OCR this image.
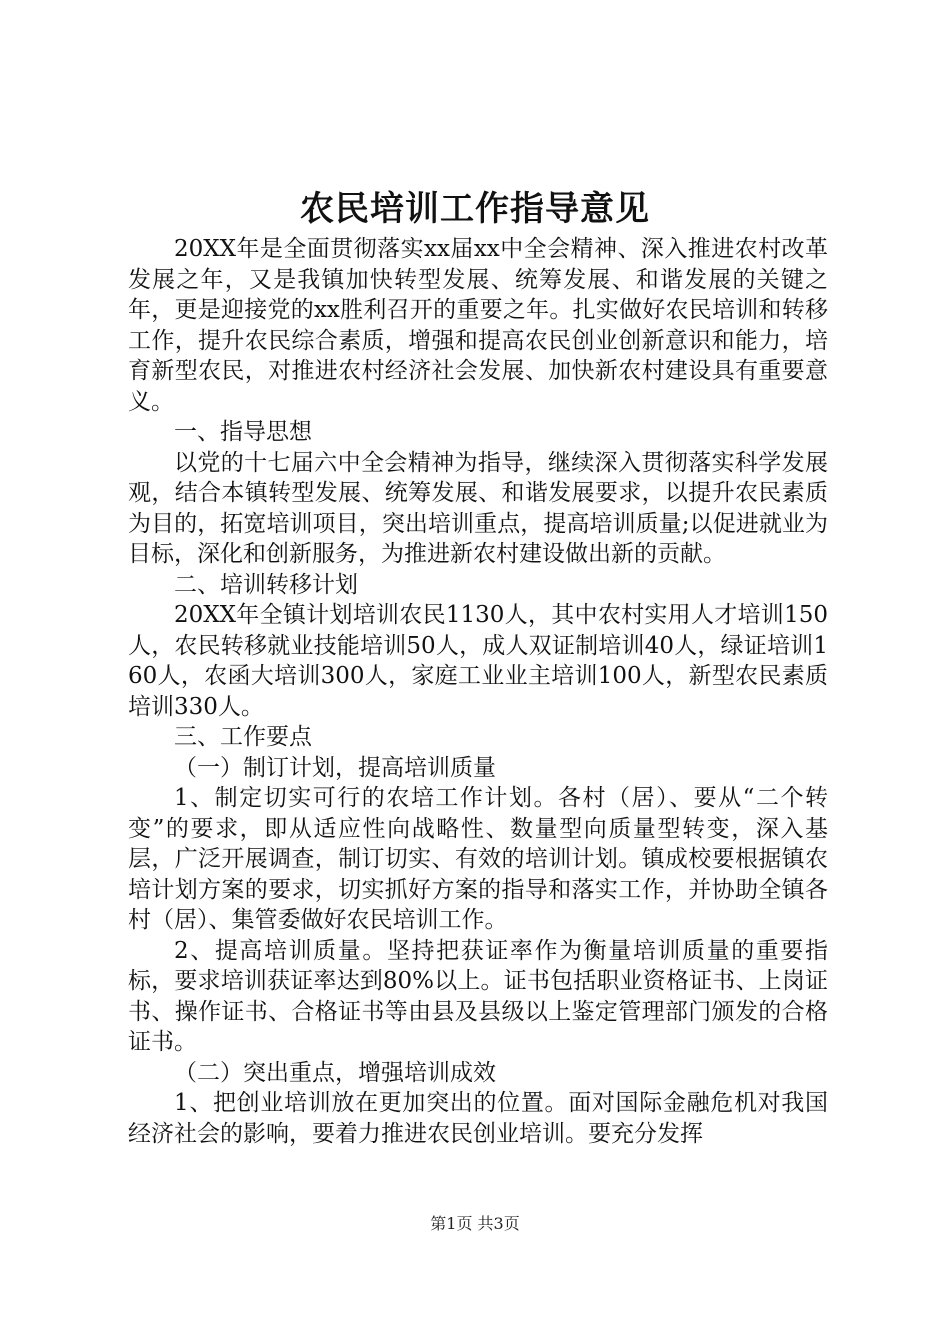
农民培训工作指导意见

20XX年是全面贯彻落实xx届xx中全会精神、深入推进农村改革发展之年，又是我镇加快转型发展、统筹发展、和谐发展的关键之年，更是迎接党的xx胜利召开的重要之年。扎实做好农民培训和转移工作，提升农民综合素质，增强和提高农民创业创新意识和能力，培育新型农民，对推进农村经济社会发展、加快新农村建设具有重要意义。

一、指导思想

以党的十七届六中全会精神为指导，继续深入贯彻落实科学发展观，结合本镇转型发展、统筹发展、和谐发展要求，以提升农民素质为目的，拓宽培训项目，突出培训重点，提高培训质量;以促进就业为目标，深化和创新服务，为推进新农村建设做出新的贡献。

二、培训转移计划

20XX年全镇计划培训农民1130人，其中农村实用人才培训150人，农民转移就业技能培训50人，成人双证制培训40人，绿证培训160人，农函大培训300人，家庭工业业主培训100人，新型农民素质培训330人。

三、工作要点

（一）制订计划，提高培训质量

1、制定切实可行的农培工作计划。各村（居）、要从“二个转变”的要求，即从适应性向战略性、数量型向质量型转变，深入基层，广泛开展调查，制订切实、有效的培训计划。镇成校要根据镇农培计划方案的要求，切实抓好方案的指导和落实工作，并协助全镇各村（居）、集管委做好农民培训工作。

2、提高培训质量。坚持把获证率作为衡量培训质量的重要指标，要求培训获证率达到80%以上。证书包括职业资格证书、上岗证书、操作证书、合格证书等由县及县级以上鉴定管理部门颁发的合格证书。

（二）突出重点，增强培训成效

1、把创业培训放在更加突出的位置。面对国际金融危机对我国经济社会的影响，要着力推进农民创业培训。要充分发挥

第1页 共3页
